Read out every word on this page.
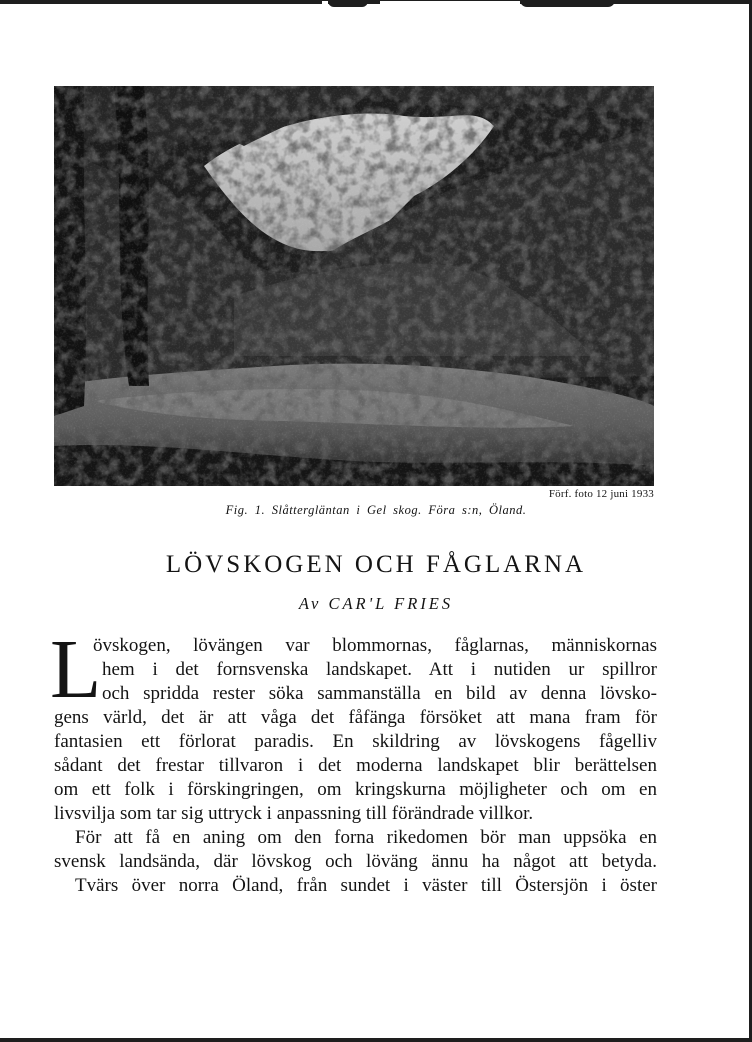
Förf. foto 12 juni 1933
Fig. 1. Slåttergläntan i Gel skog. Föra s:n, Öland.
LÖVSKOGEN OCH FÅGLARNA
Av CAR'L FRIES
L
övskogen, lövängen var blommornas, fåglarnas, människornas
hem i det fornsvenska landskapet. Att i nutiden ur spillror
och spridda rester söka sammanställa en bild av denna lövsko-
gens värld, det är att våga det fåfänga försöket att mana fram för
fantasien ett förlorat paradis. En skildring av lövskogens fågelliv
sådant det frestar tillvaron i det moderna landskapet blir berättelsen
om ett folk i förskingringen, om kringskurna möjligheter och om en
livsvilja som tar sig uttryck i anpassning till förändrade villkor.
För att få en aning om den forna rikedomen bör man uppsöka en
svensk landsända, där lövskog och löväng ännu ha något att betyda.
Tvärs över norra Öland, från sundet i väster till Östersjön i öster
